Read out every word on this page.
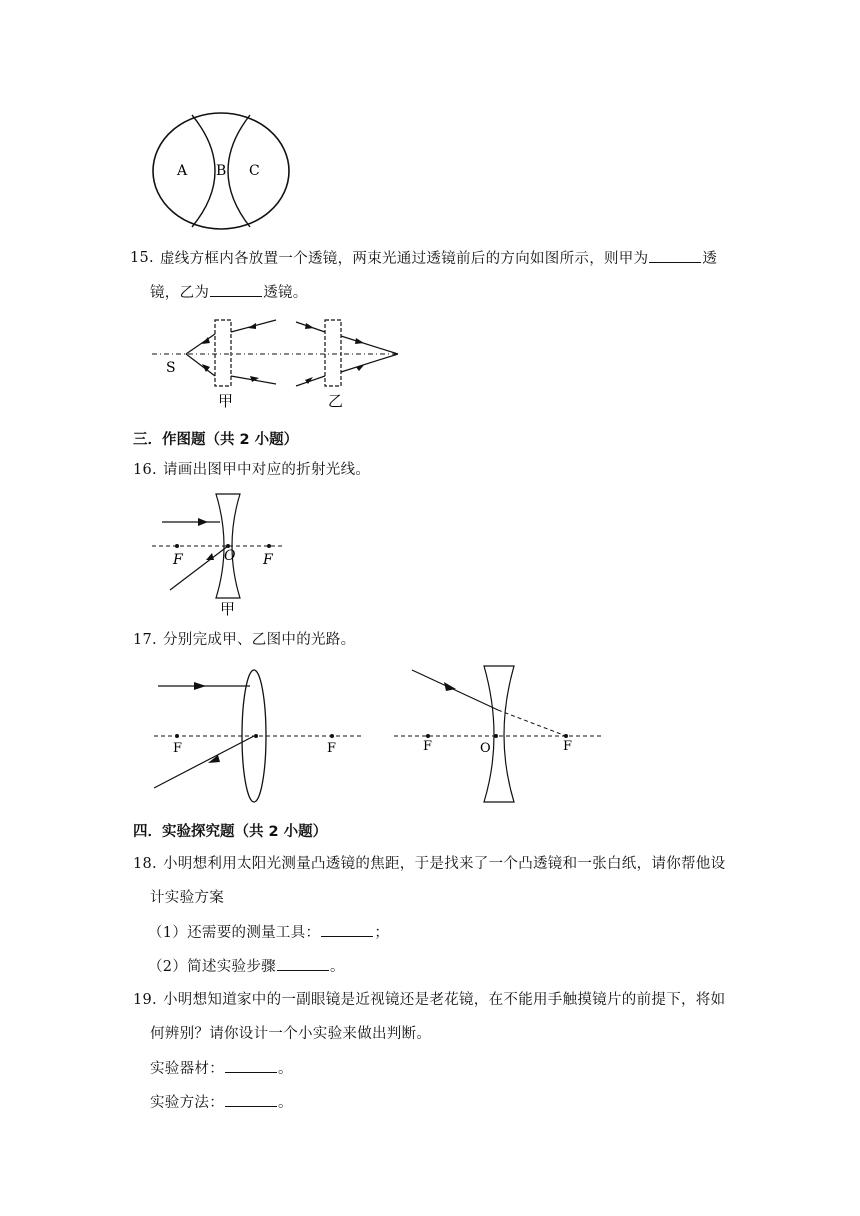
A B C
15. 虚线方框内各放置一个透镜，两束光通过透镜前后的方向如图所示，则甲为	透
镜，乙为	透镜。
S
甲	乙
三．作图题（共 2 小题）
16. 请画出图甲中对应的折射光线。
F	O F
甲
17. 分别完成甲、乙图中的光路。
F	F	F	O	F
四．实验探究题（共 2 小题）
18. 小明想利用太阳光测量凸透镜的焦距，于是找来了一个凸透镜和一张白纸，请你帮他设
计实验方案
（1）还需要的测量工具：	；
（2）简述实验步骤	。
19. 小明想知道家中的一副眼镜是近视镜还是老花镜，在不能用手触摸镜片的前提下，将如
何辨别？请你设计一个小实验来做出判断。
实验器材：	。
实验方法：	。
